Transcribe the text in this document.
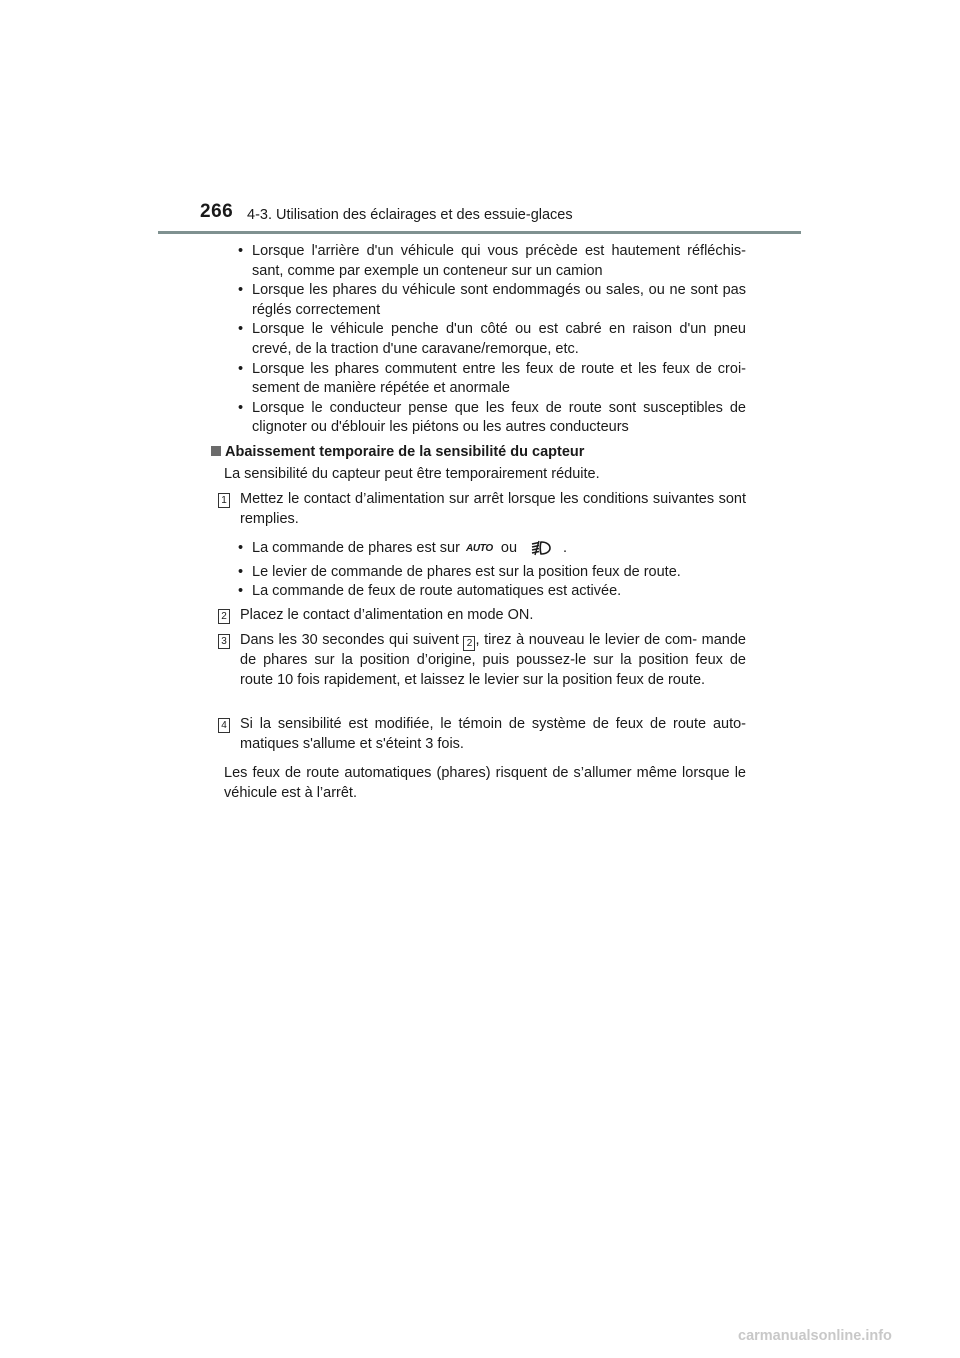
266 4-3. Utilisation des éclairages et des essuie-glaces
• Lorsque l'arrière d'un véhicule qui vous précède est hautement réfléchis- sant, comme par exemple un conteneur sur un camion
• Lorsque les phares du véhicule sont endommagés ou sales, ou ne sont pas réglés correctement
• Lorsque le véhicule penche d'un côté ou est cabré en raison d'un pneu crevé, de la traction d'une caravane/remorque, etc.
• Lorsque les phares commutent entre les feux de route et les feux de croi- sement de manière répétée et anormale
• Lorsque le conducteur pense que les feux de route sont susceptibles de clignoter ou d'éblouir les piétons ou les autres conducteurs
Abaissement temporaire de la sensibilité du capteur
La sensibilité du capteur peut être temporairement réduite.
1 Mettez le contact d’alimentation sur arrêt lorsque les conditions suivantes sont remplies.
• La commande de phares est sur AUTO ou	.
• Le levier de commande de phares est sur la position feux de route.
• La commande de feux de route automatiques est activée.
2 Placez le contact d’alimentation en mode ON.
3 Dans les 30 secondes qui suivent 2 , tirez à nouveau le levier de com- mande de phares sur la position d’origine, puis poussez-le sur la position feux de route 10 fois rapidement, et laissez le levier sur la position feux de route.
4 Si la sensibilité est modifiée, le témoin de système de feux de route auto- matiques s'allume et s'éteint 3 fois.
Les feux de route automatiques (phares) risquent de s’allumer même lorsque le véhicule est à l’arrêt.
carmanualsonline.info
